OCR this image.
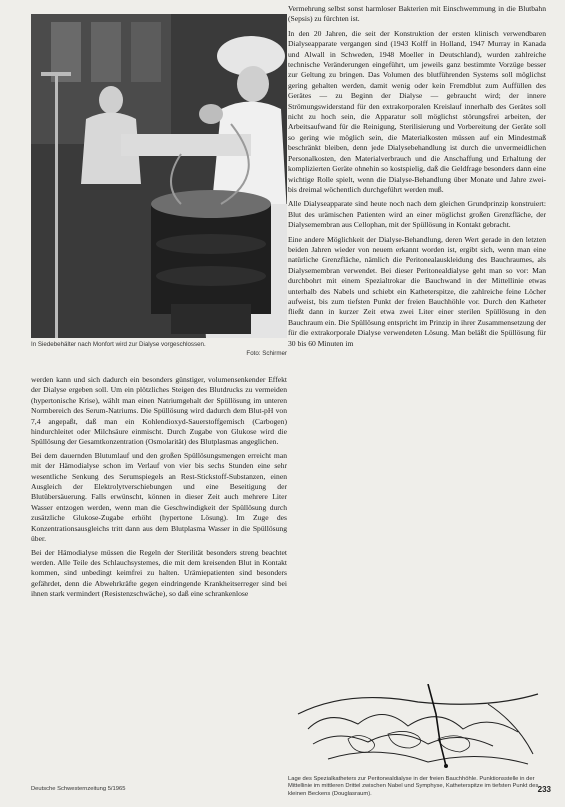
In Siedebehälter nach Monfort wird zur Dialyse vorgeschlossen.
Foto: Schirmer

werden kann und sich dadurch ein besonders günstiger, volumensenkender Effekt der Dialyse ergeben soll. Um ein plötzliches Steigen des Blutdrucks zu vermeiden (hypertonische Krise), wählt man einen Natriumgehalt der Spüllösung im unteren Normbereich des Serum-Natriums. Die Spüllösung wird dadurch dem Blut-pH von 7,4 angepaßt, daß man ein Kohlendioxyd-Sauerstoffgemisch (Carbogen) hindurchleitet oder Milchsäure einmischt. Durch Zugabe von Glukose wird die Spüllösung der Gesamtkonzentration (Osmolarität) des Blutplasmas angeglichen.

Bei dem dauernden Blutumlauf und den großen Spüllösungsmengen erreicht man mit der Hämodialyse schon im Verlauf von vier bis sechs Stunden eine sehr wesentliche Senkung des Serumspiegels an Rest-Stickstoff-Substanzen, einen Ausgleich der Elektrolytverschiebungen und eine Beseitigung der Blutübersäuerung. Falls erwünscht, können in dieser Zeit auch mehrere Liter Wasser entzogen werden, wenn man die Geschwindigkeit der Spüllösung durch zusätzliche Glukose-Zugabe erhöht (hypertone Lösung). Im Zuge des Konzentrationsausgleichs tritt dann aus dem Blutplasma Wasser in die Spüllösung über.

Bei der Hämodialyse müssen die Regeln der Sterilität besonders streng beachtet werden. Alle Teile des Schlauchsystemes, die mit dem kreisenden Blut in Kontakt kommen, sind unbedingt keimfrei zu halten. Urämiepatienten sind besonders gefährdet, denn die Abwehrkräfte gegen eindringende Krankheitserreger sind bei ihnen stark vermindert (Resistenzschwäche), so daß eine schrankenlose

Vermehrung selbst sonst harmloser Bakterien mit Einschwemmung in die Blutbahn (Sepsis) zu fürchten ist.

In den 20 Jahren, die seit der Konstruktion der ersten klinisch verwendbaren Dialyseapparate vergangen sind (1943 Kolff in Holland, 1947 Murray in Kanada und Alwall in Schweden, 1948 Moeller in Deutschland), wurden zahlreiche technische Veränderungen eingeführt, um jeweils ganz bestimmte Vorzüge besser zur Geltung zu bringen. Das Volumen des blutführenden Systems soll möglichst gering gehalten werden, damit wenig oder kein Fremdblut zum Auffüllen des Gerätes — zu Beginn der Dialyse — gebraucht wird; der innere Strömungswiderstand für den extrakorporalen Kreislauf innerhalb des Gerätes soll nicht zu hoch sein, die Apparatur soll möglichst störungsfrei arbeiten, der Arbeitsaufwand für die Reinigung, Sterilisierung und Vorbereitung der Geräte soll so gering wie möglich sein, die Materialkosten müssen auf ein Mindestmaß beschränkt bleiben, denn jede Dialysebehandlung ist durch die unvermeidlichen Personalkosten, den Materialverbrauch und die Anschaffung und Erhaltung der komplizierten Geräte ohnehin so kostspielig, daß die Geldfrage besonders dann eine wichtige Rolle spielt, wenn die Dialyse-Behandlung über Monate und Jahre zwei- bis dreimal wöchentlich durchgeführt werden muß.

Alle Dialyseapparate sind heute noch nach dem gleichen Grundprinzip konstruiert: Blut des urämischen Patienten wird an einer möglichst großen Grenzfläche, der Dialysemembran aus Cellophan, mit der Spüllösung in Kontakt gebracht.

Eine andere Möglichkeit der Dialyse-Behandlung, deren Wert gerade in den letzten beiden Jahren wieder von neuem erkannt worden ist, ergibt sich, wenn man eine natürliche Grenzfläche, nämlich die Peritonealauskleidung des Bauchraumes, als Dialysemembran verwendet. Bei dieser Peritonealdialyse geht man so vor: Man durchbohrt mit einem Spezialtrokar die Bauchwand in der Mittellinie etwas unterhalb des Nabels und schiebt ein Katheterspitze, die zahlreiche feine Löcher aufweist, bis zum tiefsten Punkt der freien Bauchhöhle vor. Durch den Katheter fließt dann in kurzer Zeit etwa zwei Liter einer sterilen Spüllösung in den Bauchraum ein. Die Spüllösung entspricht im Prinzip in ihrer Zusammensetzung der für die extrakorporale Dialyse verwendeten Lösung. Man beläßt die Spüllösung für 30 bis 60 Minuten im

Lage des Spezialkatheters zur Peritonealdialyse in der freien Bauchhöhle. Punktionsstelle in der Mittellinie im mittleren Drittel zwischen Nabel und Symphyse, Katheterspitze im tiefsten Punkt des kleinen Beckens (Douglasraum).
Deutsche Schwesternzeitung 5/1965	233
